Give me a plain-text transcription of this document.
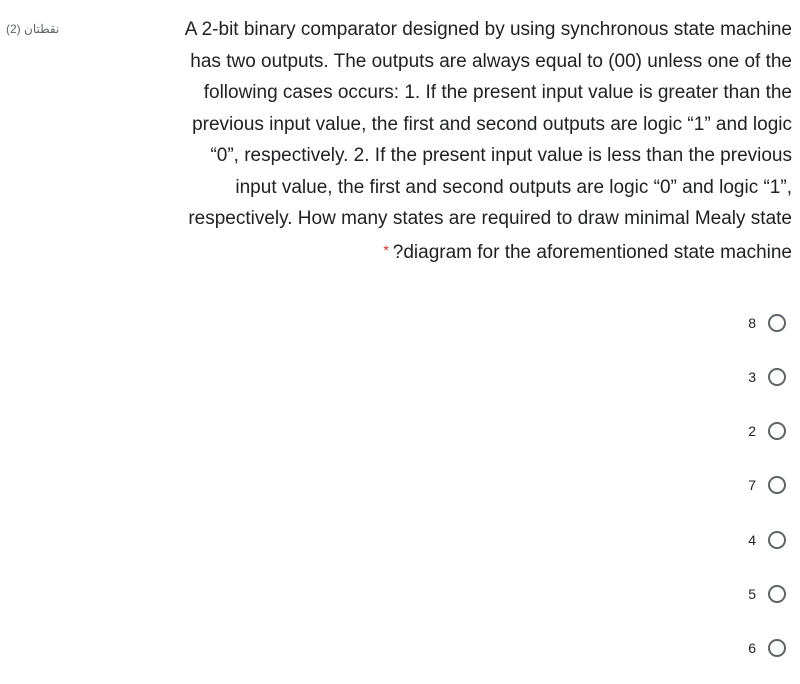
(2) نقطتان	A 2-bit binary comparator designed by using synchronous state machine
has two outputs. The outputs are always equal to (00) unless one of the
following cases occurs: 1. If the present input value is greater than the
previous input value, the first and second outputs are logic “1” and logic
“0”, respectively. 2. If the present input value is less than the previous
input value, the first and second outputs are logic “0” and logic “1”,
respectively. How many states are required to draw minimal Mealy state
* ?diagram for the aforementioned state machine
8
3
2
7
4
5
6
